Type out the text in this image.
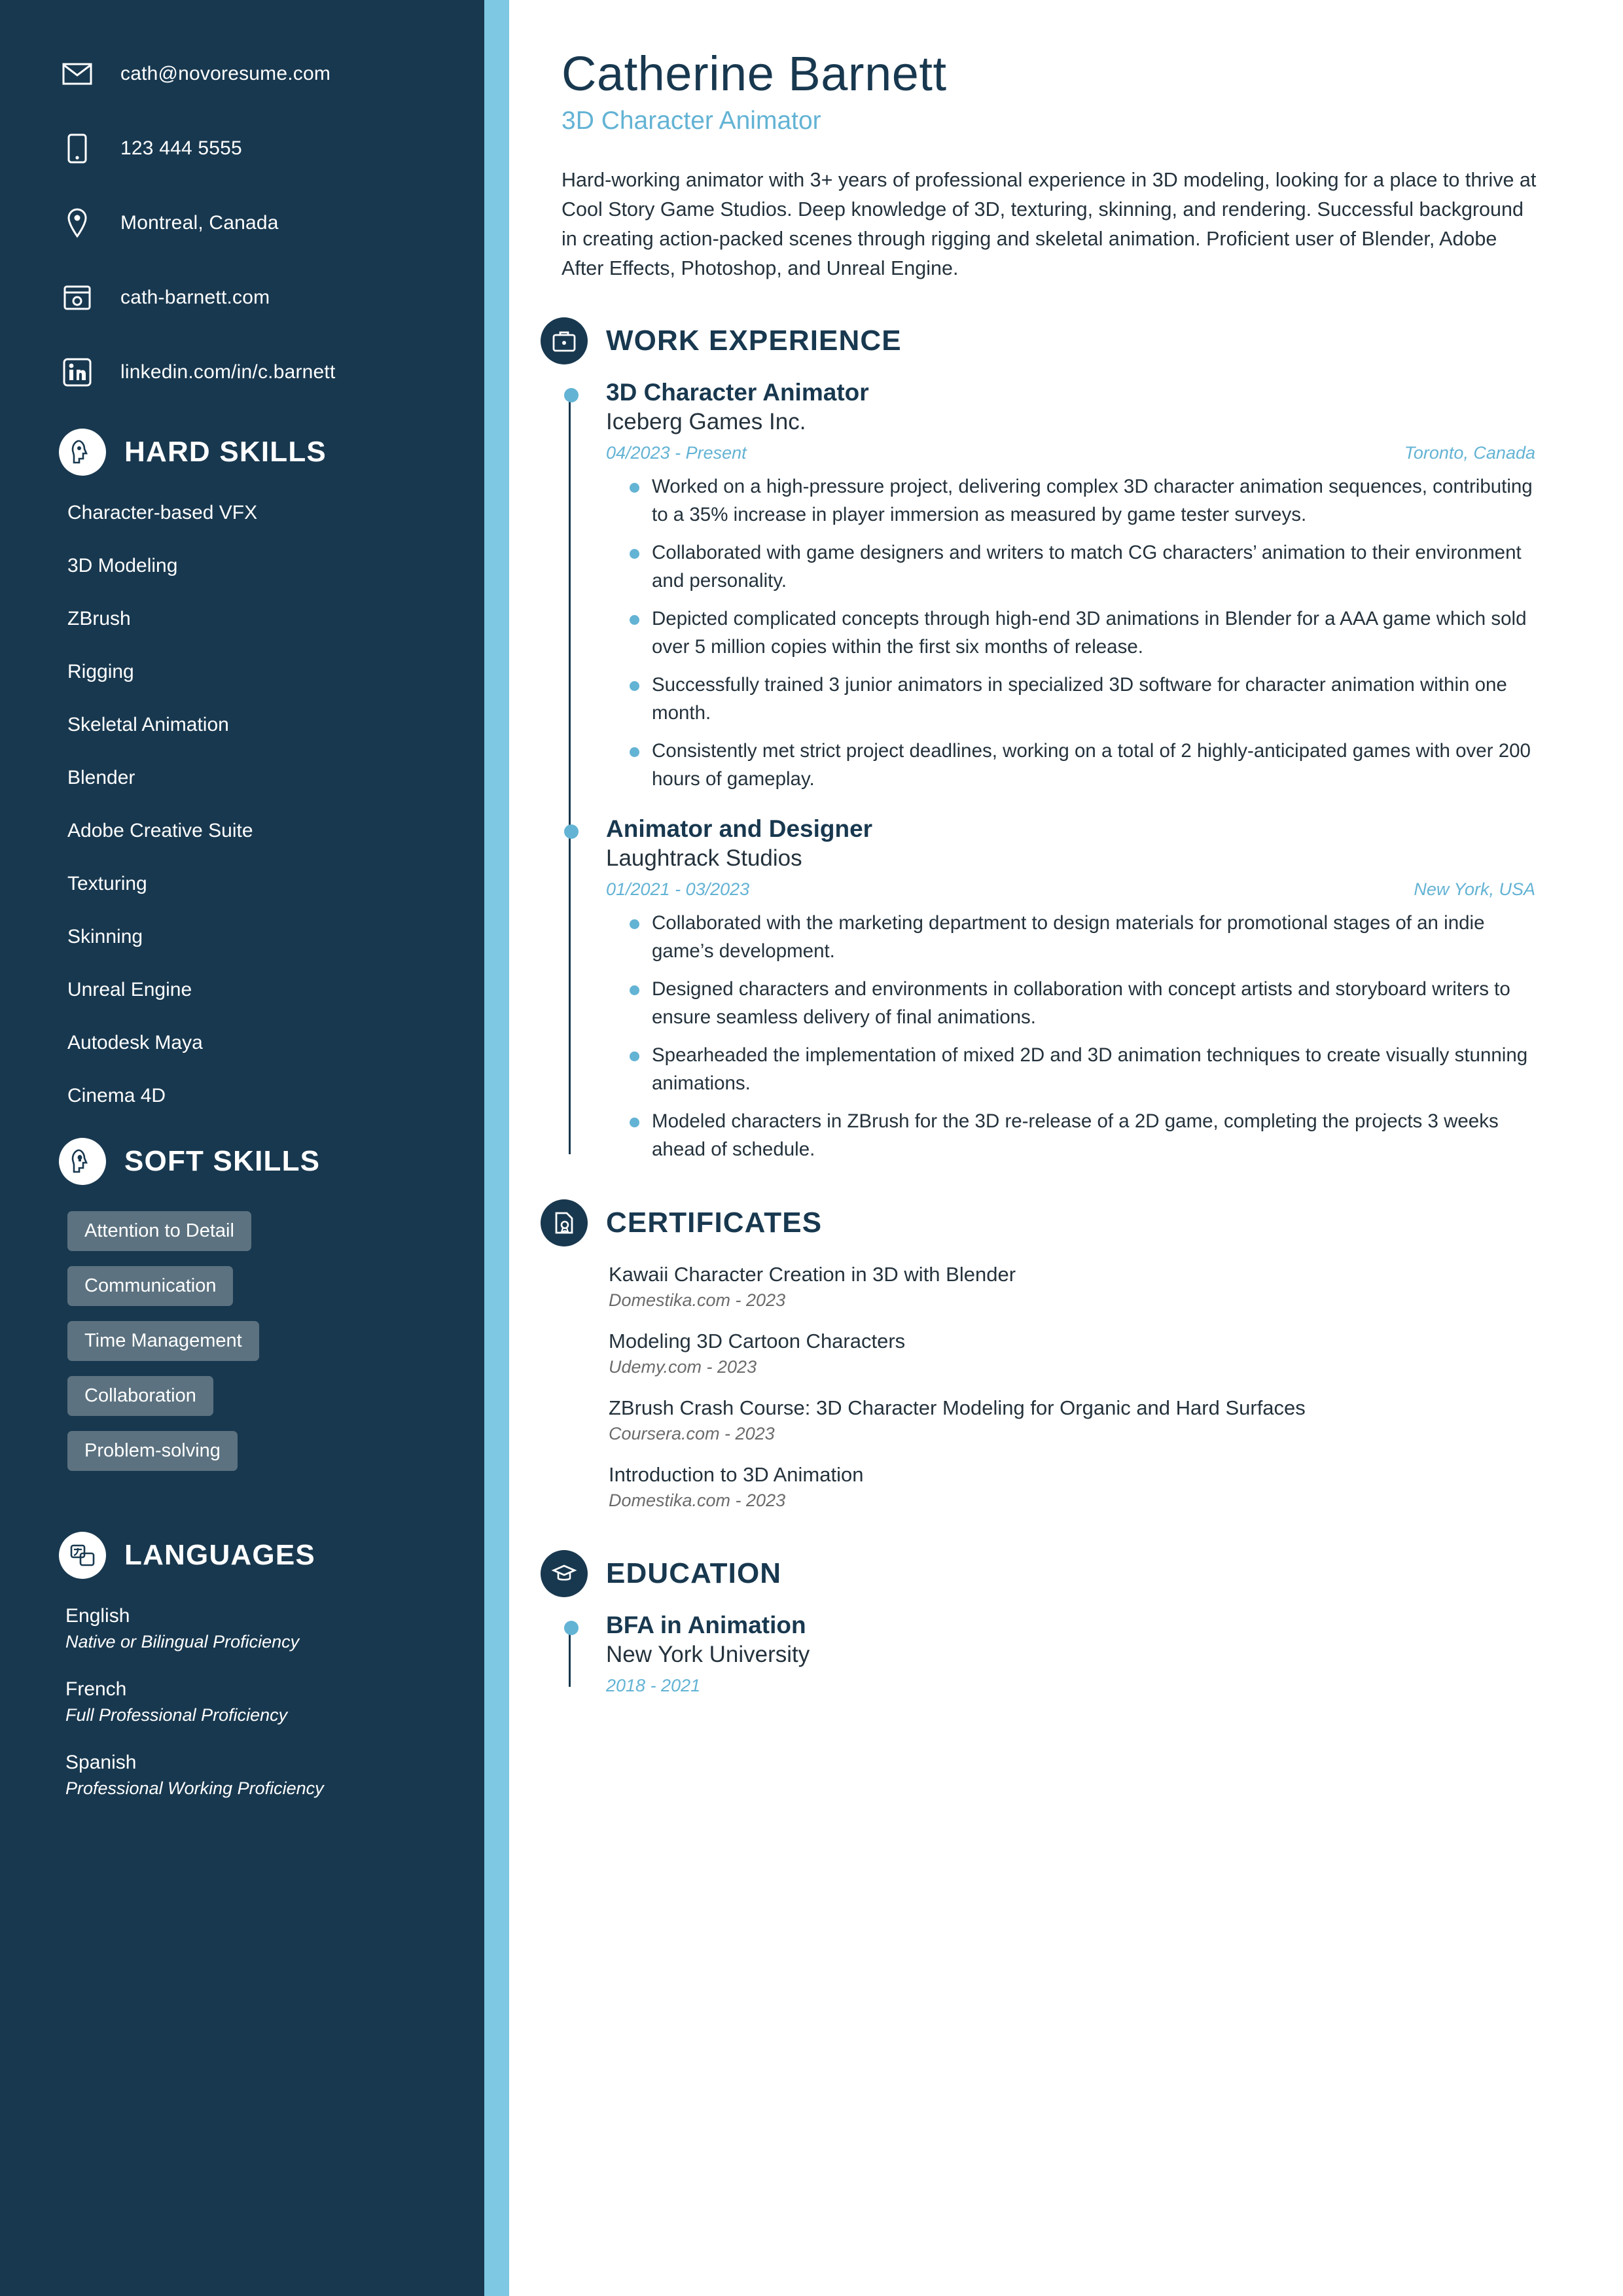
cath@novoresume.com
123 444 5555
Montreal, Canada
cath-barnett.com
linkedin.com/in/c.barnett
HARD SKILLS
Character-based VFX
3D Modeling
ZBrush
Rigging
Skeletal Animation
Blender
Adobe Creative Suite
Texturing
Skinning
Unreal Engine
Autodesk Maya
Cinema 4D
SOFT SKILLS
Attention to Detail
Communication
Time Management
Collaboration
Problem-solving
LANGUAGES
English
Native or Bilingual Proficiency
French
Full Professional Proficiency
Spanish
Professional Working Proficiency
Catherine Barnett
3D Character Animator

Hard-working animator with 3+ years of professional experience in 3D modeling, looking for a place to thrive at Cool Story Game Studios. Deep knowledge of 3D, texturing, skinning, and rendering. Successful background in creating action-packed scenes through rigging and skeletal animation. Proficient user of Blender, Adobe After Effects, Photoshop, and Unreal Engine.

WORK EXPERIENCE
3D Character Animator
Iceberg Games Inc.
04/2023 - Present	Toronto, Canada
Worked on a high-pressure project, delivering complex 3D character animation sequences, contributing to a 35% increase in player immersion as measured by game tester surveys.
Collaborated with game designers and writers to match CG characters’ animation to their environment and personality.
Depicted complicated concepts through high-end 3D animations in Blender for a AAA game which sold over 5 million copies within the first six months of release.
Successfully trained 3 junior animators in specialized 3D software for character animation within one month.
Consistently met strict project deadlines, working on a total of 2 highly-anticipated games with over 200 hours of gameplay.
Animator and Designer
Laughtrack Studios
01/2021 - 03/2023	New York, USA
Collaborated with the marketing department to design materials for promotional stages of an indie game’s development.
Designed characters and environments in collaboration with concept artists and storyboard writers to ensure seamless delivery of final animations.
Spearheaded the implementation of mixed 2D and 3D animation techniques to create visually stunning animations.
Modeled characters in ZBrush for the 3D re-release of a 2D game, completing the projects 3 weeks ahead of schedule.
CERTIFICATES
Kawaii Character Creation in 3D with Blender
Domestika.com - 2023
Modeling 3D Cartoon Characters
Udemy.com - 2023
ZBrush Crash Course: 3D Character Modeling for Organic and Hard Surfaces
Coursera.com - 2023
Introduction to 3D Animation
Domestika.com - 2023
EDUCATION
BFA in Animation
New York University
2018 - 2021
